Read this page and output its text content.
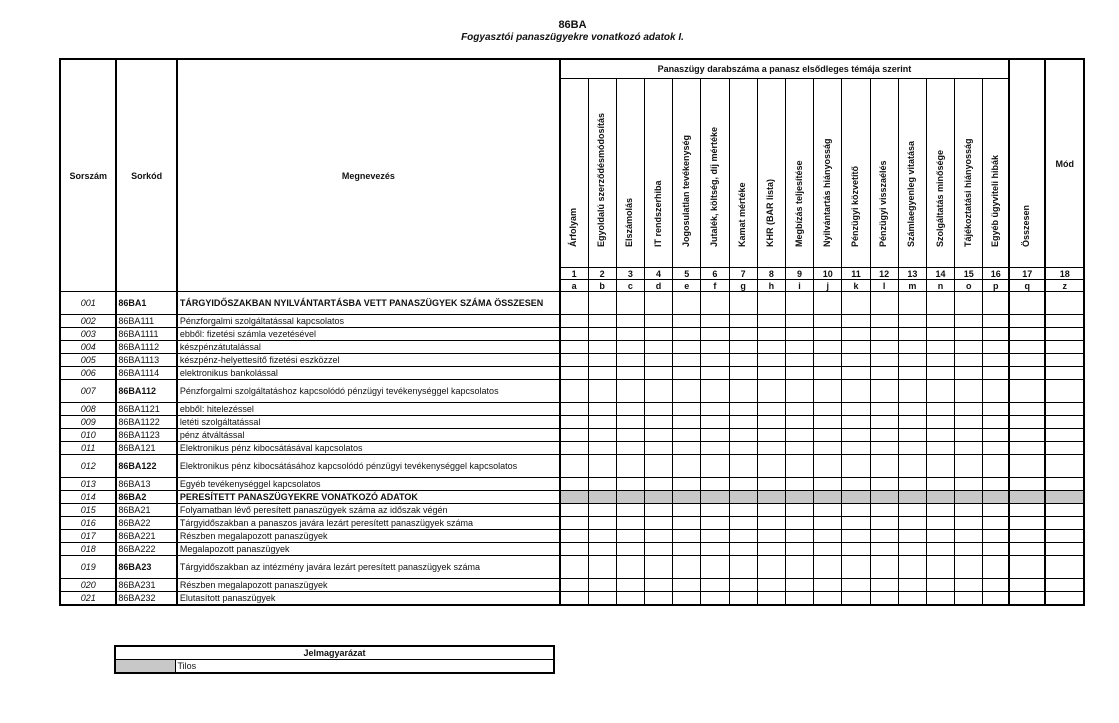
86BA
Fogyasztói panaszügyekre vonatkozó adatok I.
Sorszám	Sorkód	Megnevezés	Panaszügy darabszáma a panasz elsődleges témája szerint																Összesen	Mód

			Árfolyam	Egyoldalú szerződésmódosítás	Elszámolás	IT rendszerhiba	Jogosulatlan tevékenység	Jutalék, költség, díj mértéke	Kamat mértéke	KHR (BAR lista)	Megbízás teljesítése	Nyilvántartás hiányosság	Pénzügyi közvetítő	Pénzügyi visszaélés	Számlaegyenleg vitatása	Szolgáltatás minősége	Tájékoztatási hiányosság	Egyéb ügyviteli hibák		

			1	2	3	4	5	6	7	8	9	10	11	12	13	14	15	16	17	18
			a	b	c	d	e	f	g	h	i	j	k	l	m	n	o	p	q	z
001	86BA1	TÁRGYIDŐSZAKBAN NYILVÁNTARTÁSBA VETT PANASZÜGYEK SZÁMA ÖSSZESEN																		
002	86BA111	Pénzforgalmi szolgáltatással kapcsolatos																		
003	86BA1111	ebből: fizetési számla vezetésével																		
004	86BA1112	készpénzátutalással																		
005	86BA1113	készpénz-helyettesítő fizetési eszközzel																		
006	86BA1114	elektronikus bankolással																		
007	86BA112	Pénzforgalmi szolgáltatáshoz kapcsolódó pénzügyi tevékenységgel kapcsolatos																		
008	86BA1121	ebből: hitelezéssel																		
009	86BA1122	letéti szolgáltatással																		
010	86BA1123	pénz átváltással																		
011	86BA121	Elektronikus pénz kibocsátásával kapcsolatos																		
012	86BA122	Elektronikus pénz kibocsátásához kapcsolódó pénzügyi tevékenységgel kapcsolatos																		
013	86BA13	Egyéb tevékenységgel kapcsolatos																		
014	86BA2	PERESÍTETT PANASZÜGYEKRE VONATKOZÓ ADATOK																		
015	86BA21	Folyamatban lévő peresített panaszügyek száma az időszak végén																		
016	86BA22	Tárgyidőszakban a panaszos javára lezárt peresített panaszügyek száma																		
017	86BA221	Részben megalapozott panaszügyek																		
018	86BA222	Megalapozott panaszügyek																		
019	86BA23	Tárgyidőszakban az intézmény javára lezárt peresített panaszügyek száma																		
020	86BA231	Részben megalapozott panaszügyek																		
021	86BA232	Elutasított panaszügyek																		
Jelmagyarázat
	Tilos
